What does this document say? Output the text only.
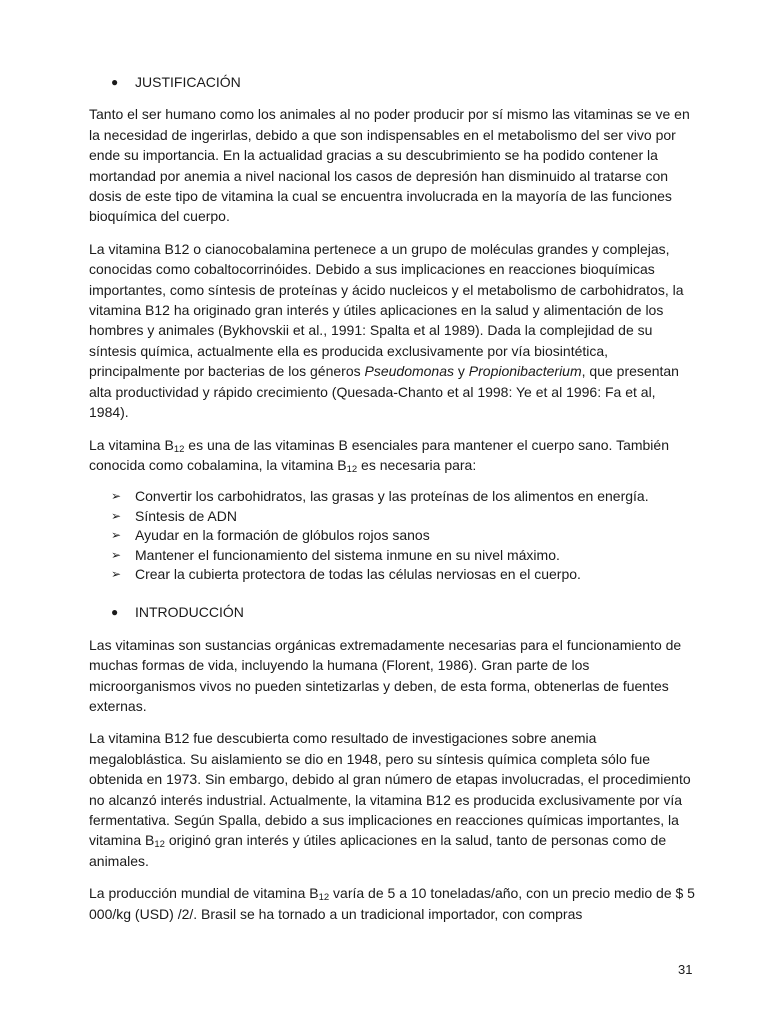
● JUSTIFICACIÓN

Tanto el ser humano como los animales al no poder producir por sí mismo las vitaminas se ve en la necesidad de ingerirlas, debido a que son indispensables en el metabolismo del ser vivo por ende su importancia. En la actualidad gracias a su descubrimiento se ha podido contener la mortandad por anemia a nivel nacional los casos de depresión han disminuido al tratarse con dosis de este tipo de vitamina la cual se encuentra involucrada en la mayoría de las funciones bioquímica del cuerpo.

La vitamina B12 o cianocobalamina pertenece a un grupo de moléculas grandes y complejas, conocidas como cobaltocorrinóides. Debido a sus implicaciones en reacciones bioquímicas importantes, como síntesis de proteínas y ácido nucleicos y el metabolismo de carbohidratos, la vitamina B12 ha originado gran interés y útiles aplicaciones en la salud y alimentación de los hombres y animales (Bykhovskii et al., 1991: Spalta et al 1989). Dada la complejidad de su síntesis química, actualmente ella es producida exclusivamente por vía biosintética, principalmente por bacterias de los géneros Pseudomonas y Propionibacterium, que presentan alta productividad y rápido crecimiento (Quesada-Chanto et al 1998: Ye et al 1996: Fa et al, 1984).

La vitamina $B_{12}$ es una de las vitaminas B esenciales para mantener el cuerpo sano. También conocida como cobalamina, la vitamina $B_{12}$ es necesaria para:

➢ Convertir los carbohidratos, las grasas y las proteínas de los alimentos en energía.
➢ Síntesis de ADN
➢ Ayudar en la formación de glóbulos rojos sanos
➢ Mantener el funcionamiento del sistema inmune en su nivel máximo.
➢ Crear la cubierta protectora de todas las células nerviosas en el cuerpo.
● INTRODUCCIÓN

Las vitaminas son sustancias orgánicas extremadamente necesarias para el funcionamiento de muchas formas de vida, incluyendo la humana (Florent, 1986). Gran parte de los microorganismos vivos no pueden sintetizarlas y deben, de esta forma, obtenerlas de fuentes externas.

La vitamina B12 fue descubierta como resultado de investigaciones sobre anemia megaloblástica. Su aislamiento se dio en 1948, pero su síntesis química completa sólo fue obtenida en 1973. Sin embargo, debido al gran número de etapas involucradas, el procedimiento no alcanzó interés industrial. Actualmente, la vitamina B12 es producida exclusivamente por vía fermentativa. Según Spalla, debido a sus implicaciones en reacciones químicas importantes, la vitamina $B_{12}$ originó gran interés y útiles aplicaciones en la salud, tanto de personas como de animales.

La producción mundial de vitamina $B_{12}$ varía de 5 a 10 toneladas/año, con un precio medio de $ 5 000/kg (USD) /2/. Brasil se ha tornado a un tradicional importador, con compras

31
